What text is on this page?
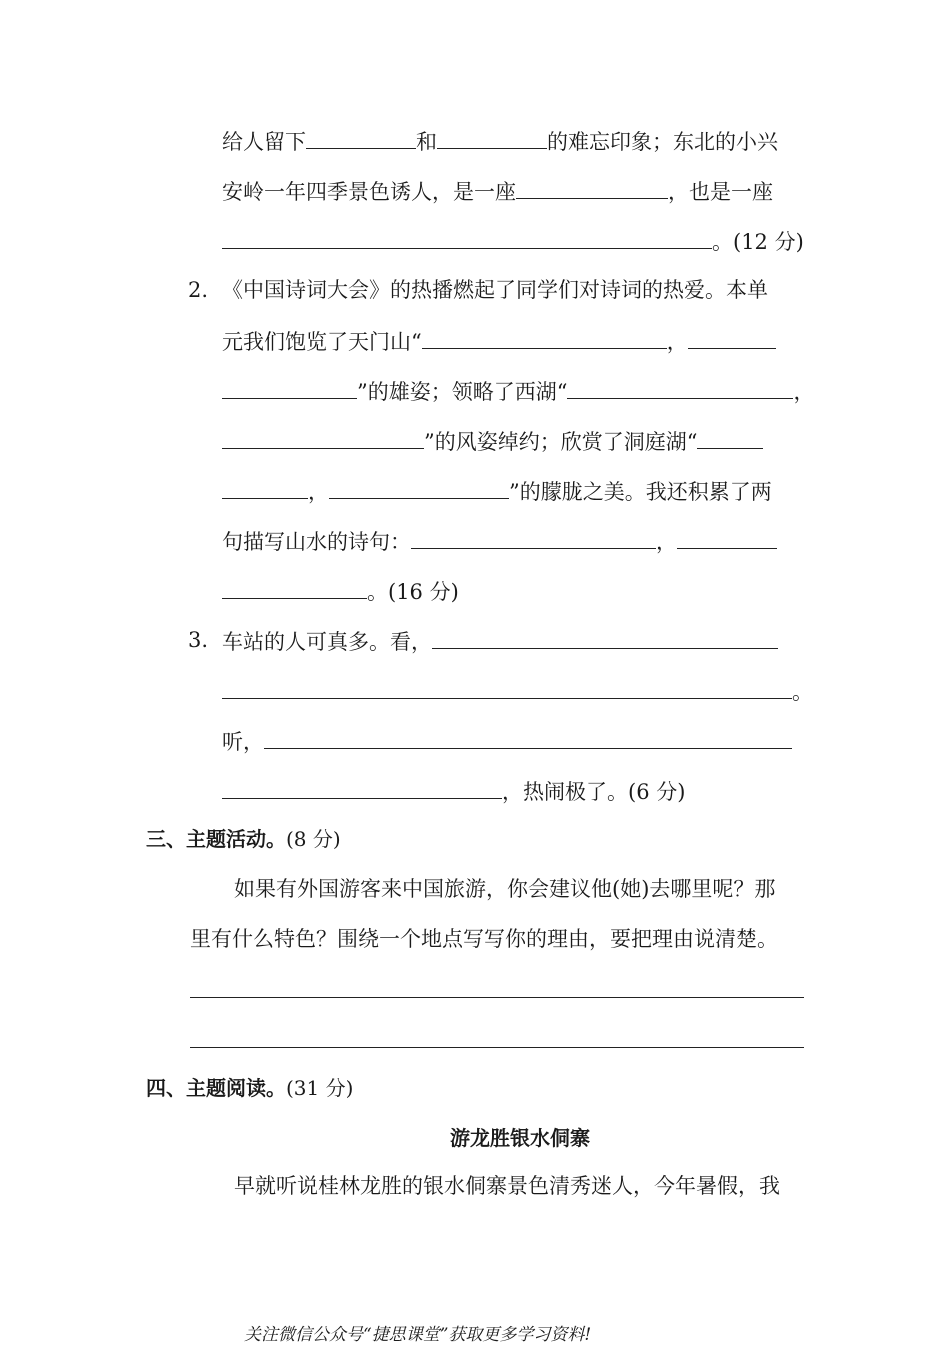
给人留下	和	的难忘印象；东北的小兴
安岭一年四季景色诱人，是一座	，也是一座
。(12 分)
2. 《中国诗词大会》的热播燃起了同学们对诗词的热爱。本单
元我们饱览了天门山“	，
”的雄姿；领略了西湖“	，
”的风姿绰约；欣赏了洞庭湖“
，	”的朦胧之美。我还积累了两
句描写山水的诗句：	，
。(16 分)
3. 车站的人可真多。看，
。
听，
，热闹极了。(6 分)
三、主题活动。(8 分)
如果有外国游客来中国旅游，你会建议他(她)去哪里呢？那
里有什么特色？围绕一个地点写写你的理由，要把理由说清楚。
四、主题阅读。(31 分)
游龙胜银水侗寨
早就听说桂林龙胜的银水侗寨景色清秀迷人，今年暑假，我
关注微信公众号“捷思课堂”获取更多学习资料!
